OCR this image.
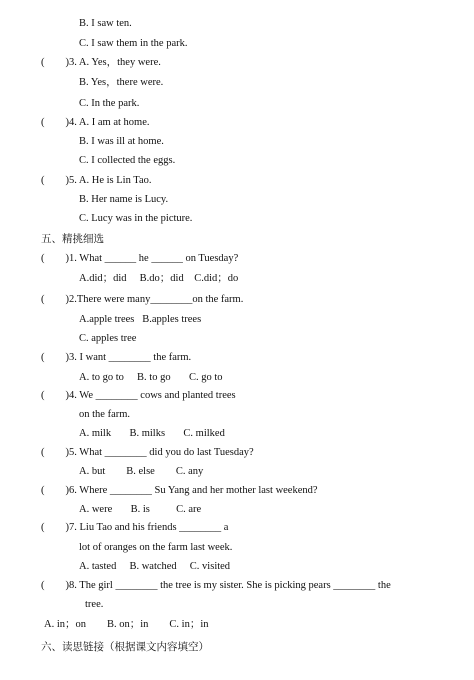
B. I saw ten.
C. I saw them in the park.
(        )3. A. Yes，they were.
B. Yes，there were.
C. In the park.
(        )4. A. I am at home.
B. I was ill at home.
C. I collected the eggs.
(        )5. A. He is Lin Tao.
B. Her name is Lucy.
C. Lucy was in the picture.
五、精挑细选
(        )1. What ______ he ______ on Tuesday?
A.did；did     B.do；did    C.did；do
(        )2.There were many________on the farm.
A.apple trees   B.apples trees
C. apples tree
(        )3. I want ________ the farm.
A. to go to     B. to go       C. go to
(        )4. We ________ cows and planted trees
on the farm.
A. milk       B. milks       C. milked
(        )5. What ________ did you do last Tuesday?
A. but        B. else        C. any
(        )6. Where ________ Su Yang and her mother last weekend?
A. were       B. is          C. are
(        )7. Liu Tao and his friends ________ a
lot of oranges on the farm last week.
A. tasted     B. watched     C. visited
(        )8. The girl ________ the tree is my sister. She is picking pears ________ the
tree.
A. in；on        B. on；in        C. in；in
六、读思链接（根据课文内容填空）
